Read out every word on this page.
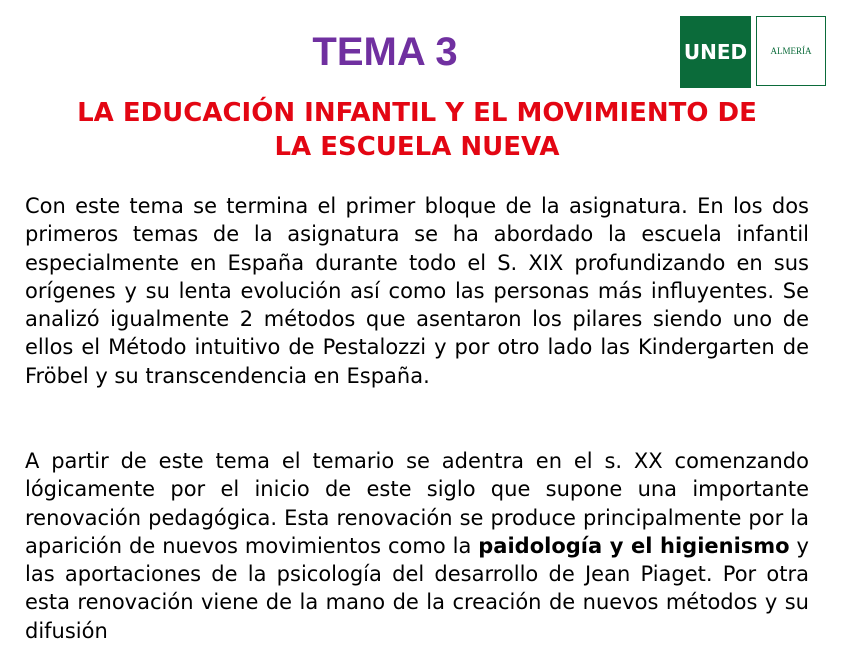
TEMA 3	UNED	ALMERÍA
LA EDUCACIÓN INFANTIL Y EL MOVIMIENTO DE
LA ESCUELA NUEVA

Con este tema se termina el primer bloque de la asignatura. En los dos primeros temas de la asignatura se ha abordado la escuela infantil especialmente en España durante todo el S. XIX profundizando en sus orígenes y su lenta evolución así como las personas más influyentes. Se analizó igualmente 2 métodos que asentaron los pilares siendo uno de ellos el Método intuitivo de Pestalozzi y por otro lado las Kindergarten de Fröbel y su transcendencia en España.

A partir de este tema el temario se adentra en el s. XX comenzando lógicamente por el inicio de este siglo que supone una importante renovación pedagógica. Esta renovación se produce principalmente por la aparición de nuevos movimientos como la paidología y el higienismo y las aportaciones de la psicología del desarrollo de Jean Piaget. Por otra esta renovación viene de la mano de la creación de nuevos métodos y su difusión
